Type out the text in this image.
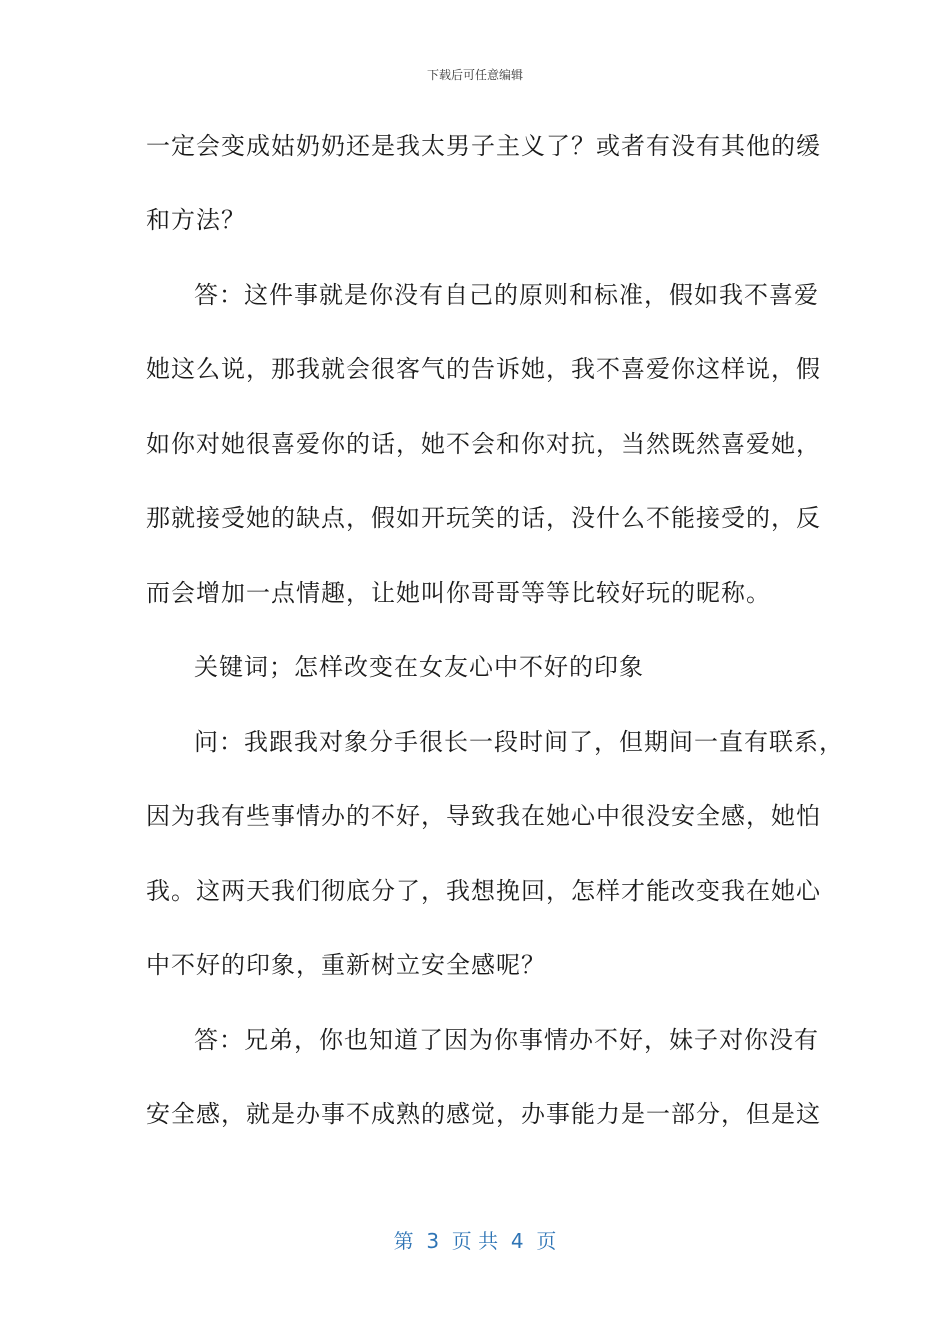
下载后可任意编辑
一定会变成姑奶奶还是我太男子主义了？或者有没有其他的缓
和方法？
答：这件事就是你没有自己的原则和标准，假如我不喜爱
她这么说，那我就会很客气的告诉她，我不喜爱你这样说，假
如你对她很喜爱你的话，她不会和你对抗，当然既然喜爱她，
那就接受她的缺点，假如开玩笑的话，没什么不能接受的，反
而会增加一点情趣，让她叫你哥哥等等比较好玩的昵称。
关键词；怎样改变在女友心中不好的印象
问：我跟我对象分手很长一段时间了，但期间一直有联系，
因为我有些事情办的不好，导致我在她心中很没安全感，她怕
我。这两天我们彻底分了，我想挽回，怎样才能改变我在她心
中不好的印象，重新树立安全感呢？
答：兄弟，你也知道了因为你事情办不好，妹子对你没有
安全感，就是办事不成熟的感觉，办事能力是一部分，但是这
第  3  页 共  4  页
